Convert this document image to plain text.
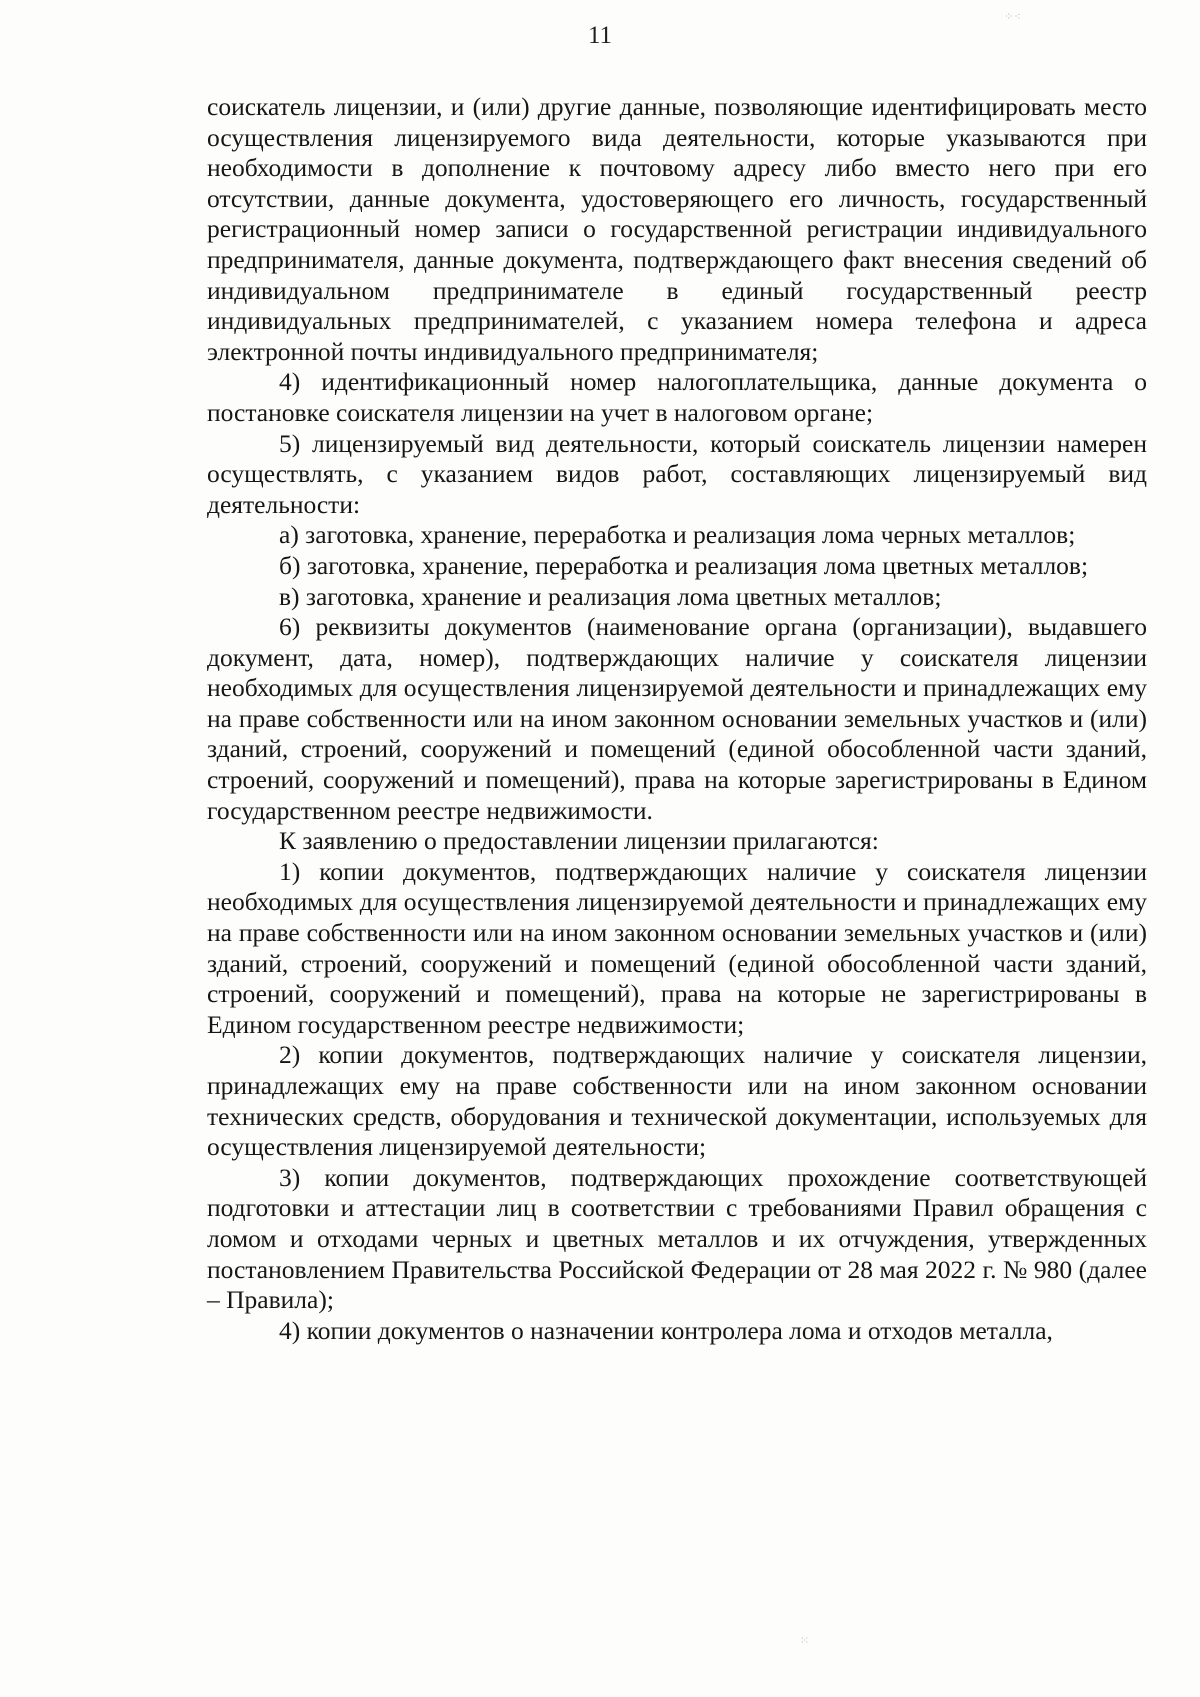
⁘⁖
11

соискатель лицензии, и (или) другие данные, позволяющие идентифицировать место осуществления лицензируемого вида деятельности, которые указываются при необходимости в дополнение к почтовому адресу либо вместо него при его отсутствии, данные документа, удостоверяющего его личность, государственный регистрационный номер записи о государственной регистрации индивидуального предпринимателя, данные документа, подтверждающего факт внесения сведений об индивидуальном предпринимателе в единый государственный реестр индивидуальных предпринимателей, с указанием номера телефона и адреса электронной почты индивидуального предпринимателя;

4) идентификационный номер налогоплательщика, данные документа о постановке соискателя лицензии на учет в налоговом органе;

5) лицензируемый вид деятельности, который соискатель лицензии намерен осуществлять, с указанием видов работ, составляющих лицензируемый вид деятельности:

а) заготовка, хранение, переработка и реализация лома черных металлов;

б) заготовка, хранение, переработка и реализация лома цветных металлов;

в) заготовка, хранение и реализация лома цветных металлов;

6) реквизиты документов (наименование органа (организации), выдавшего документ, дата, номер), подтверждающих наличие у соискателя лицензии необходимых для осуществления лицензируемой деятельности и принадлежащих ему на праве собственности или на ином законном основании земельных участков и (или) зданий, строений, сооружений и помещений (единой обособленной части зданий, строений, сооружений и помещений), права на которые зарегистрированы в Едином государственном реестре недвижимости.

К заявлению о предоставлении лицензии прилагаются:

1) копии документов, подтверждающих наличие у соискателя лицензии необходимых для осуществления лицензируемой деятельности и принадлежащих ему на праве собственности или на ином законном основании земельных участков и (или) зданий, строений, сооружений и помещений (единой обособленной части зданий, строений, сооружений и помещений), права на которые не зарегистрированы в Едином государственном реестре недвижимости;

2) копии документов, подтверждающих наличие у соискателя лицензии, принадлежащих ему на праве собственности или на ином законном основании технических средств, оборудования и технической документации, используемых для осуществления лицензируемой деятельности;

3) копии документов, подтверждающих прохождение соответствующей подготовки и аттестации лиц в соответствии с требованиями Правил обращения с ломом и отходами черных и цветных металлов и их отчуждения, утвержденных постановлением Правительства Российской Федерации от 28 мая 2022 г. № 980 (далее – Правила);

4) копии документов о назначении контролера лома и отходов металла,

⁙
